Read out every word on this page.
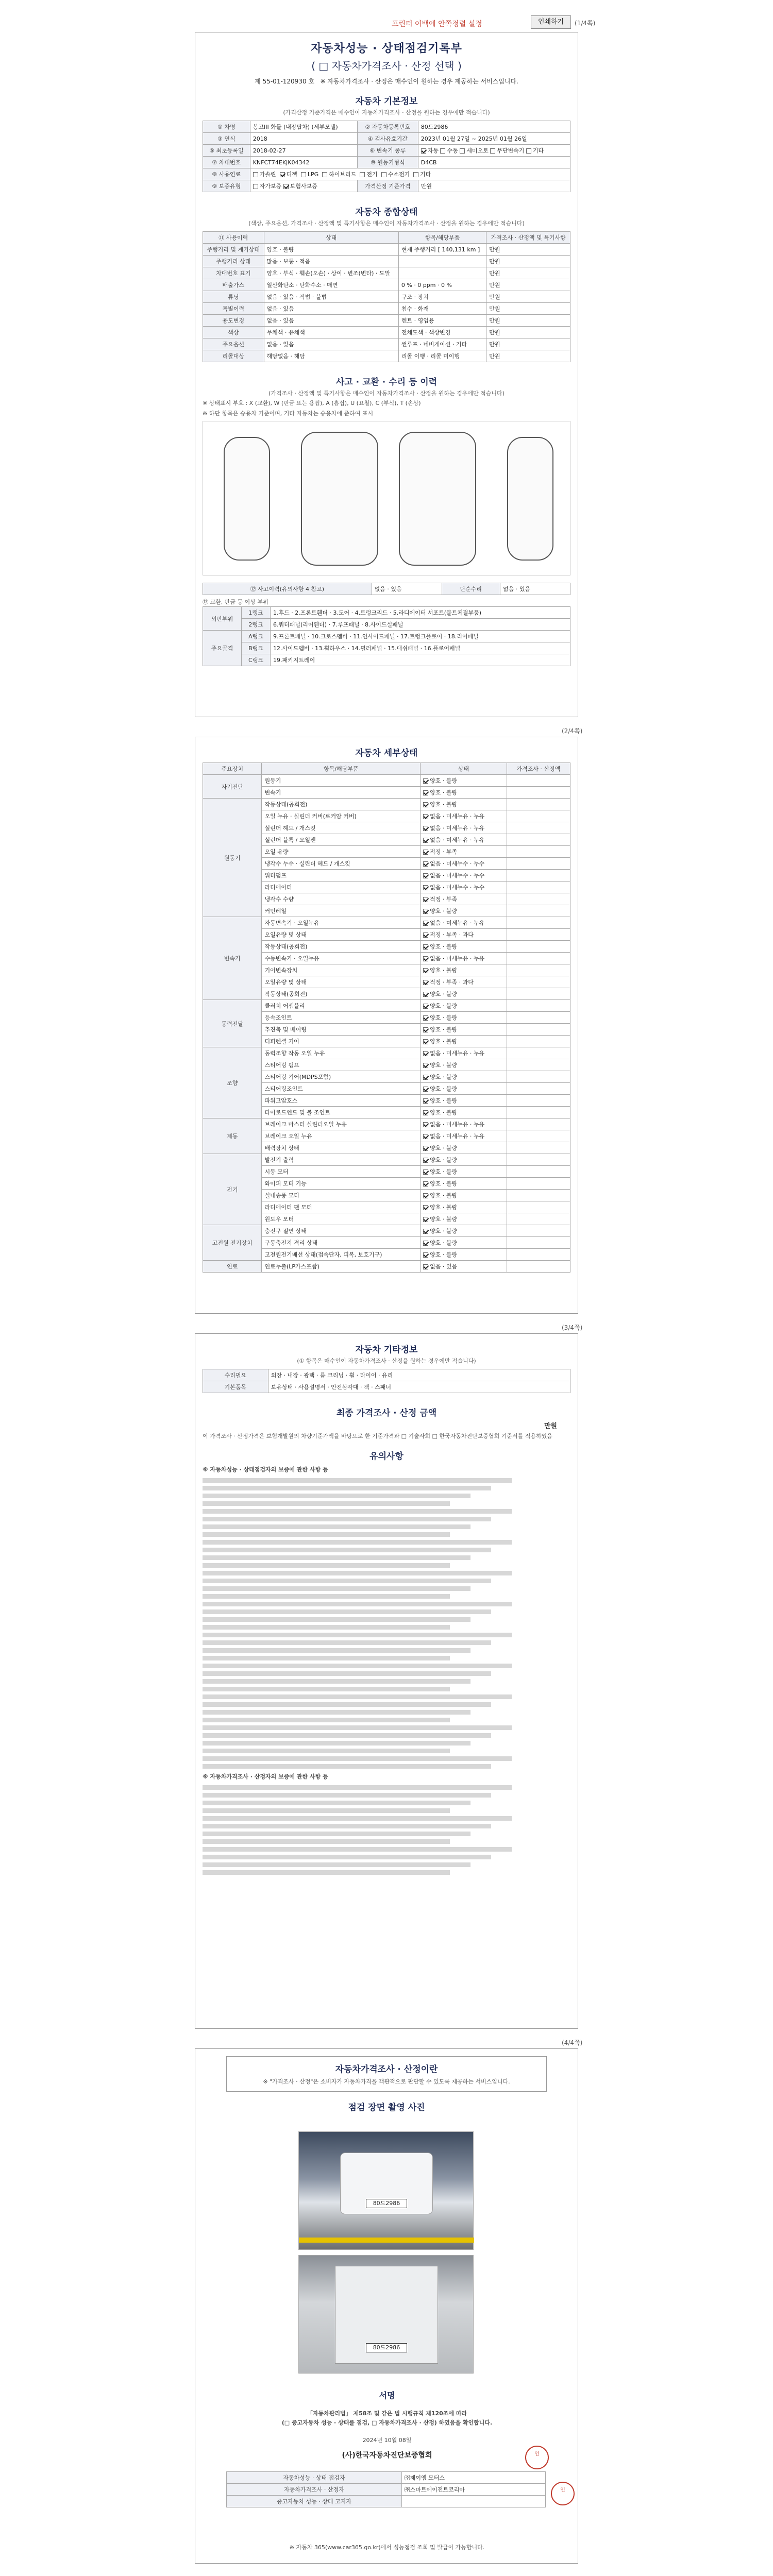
프린터 여백에 안쪽정렬 설정	인쇄하기	(1/4쪽)
자동차성능 · 상태점검기록부
( □ 자동차가격조사 · 산정 선택 )
제 55-01-120930 호 ※ 자동차가격조사 · 산정은 매수인이 원하는 경우 제공하는 서비스입니다.
자동차 기본정보
(가격산정 기준가격은 매수인이 자동차가격조사 · 산정을 원하는 경우에만 적습니다)
① 차명	봉고III 화물 (내장탑차) (세부모델)	② 자동차등록번호	80드2986
③ 연식	2018	④ 검사유효기간	2023년 01월 27일 ~ 2025년 01월 26일
⑤ 최초등록일	2018-02-27	⑥ 변속기 종류	자동 수동 세미오토 무단변속기 기타
⑦ 차대번호	KNFCT74EKJK04342	⑩ 원동기형식	D4CB
⑧ 사용연료	가솔린 디젤 LPG 하이브리드 전기 수소전기 기타		
⑨ 보증유형	자가보증 보험사보증	가격산정 기준가격	만원
자동차 종합상태
(색상, 주요옵션, 가격조사 · 산정액 및 특기사항은 매수인이 자동차가격조사 · 산정을 원하는 경우에만 적습니다)
⑪ 사용이력	상태	항목/해당부품	가격조사 · 산정액 및 특기사항
주행거리 및 계기상태	양호 · 불량	현재 주행거리 [ 140,131 km ]	만원
주행거리 상태	많음 · 보통 · 적음		만원
차대번호 표기	양호 · 부식 · 훼손(오손) · 상이 · 변조(변타) · 도말		만원
배출가스	일산화탄소 · 탄화수소 · 매연	0 % · 0 ppm · 0 %	만원
튜닝	없음 · 있음 · 적법 · 불법	구조 · 장치	만원
특별이력	없음 · 있음	침수 · 화재	만원
용도변경	없음 · 있음	렌트 · 영업용	만원
색상	무채색 · 유채색	전체도색 · 색상변경	만원
주요옵션	없음 · 있음	썬루프 · 네비게이션 · 기타	만원
리콜대상	해당없음 · 해당	리콜 이행 · 리콜 미이행	만원
사고 · 교환 · 수리 등 이력
(가격조사 · 산정액 및 특기사항은 매수인이 자동차가격조사 · 산정을 원하는 경우에만 적습니다)
※ 상태표시 부호 : X (교환), W (판금 또는 용접), A (흠집), U (요철), C (부식), T (손상)
※ 하단 항목은 승용차 기준이며, 기타 자동차는 승용차에 준하여 표시
⑫ 사고이력(유의사항 4 참고)	없음 · 있음	단순수리	없음 · 있음
⑬ 교환, 판금 등 이상 부위
외판부위	1랭크	1.후드 · 2.프론트휀더 · 3.도어 · 4.트렁크리드 · 5.라디에이터 서포트(볼트체결부품)
	2랭크	6.쿼터패널(리어휀더) · 7.루프패널 · 8.사이드실패널
주요골격	A랭크	9.프론트패널 · 10.크로스멤버 · 11.인사이드패널 · 17.트렁크플로어 · 18.리어패널
	B랭크	12.사이드멤버 · 13.휠하우스 · 14.필러패널 · 15.대쉬패널 · 16.플로어패널
	C랭크	19.패키지트레이
(2/4쪽)
자동차 세부상태
주요장치	항목/해당부품	상태	가격조사 · 산정액
자기진단	원동기	양호 · 불량	
	변속기	양호 · 불량	
원동기	작동상태(공회전)	양호 · 불량	
	오일 누유 · 실린더 커버(로커암 커버)	없음 · 미세누유 · 누유	
	실린더 헤드 / 개스킷	없음 · 미세누유 · 누유	
	실린더 블록 / 오일팬	없음 · 미세누유 · 누유	
	오일 유량	적정 · 부족	
	냉각수 누수 · 실린더 헤드 / 개스킷	없음 · 미세누수 · 누수	
	워터펌프	없음 · 미세누수 · 누수	
	라디에이터	없음 · 미세누수 · 누수	
	냉각수 수량	적정 · 부족	
	커먼레일	양호 · 불량	
변속기	자동변속기 · 오일누유	없음 · 미세누유 · 누유	
	오일유량 및 상태	적정 · 부족 · 과다	
	작동상태(공회전)	양호 · 불량	
	수동변속기 · 오일누유	없음 · 미세누유 · 누유	
	기어변속장치	양호 · 불량	
	오일유량 및 상태	적정 · 부족 · 과다	
	작동상태(공회전)	양호 · 불량	
동력전달	클러치 어셈블리	양호 · 불량	
	등속조인트	양호 · 불량	
	추진축 및 베어링	양호 · 불량	
	디퍼렌셜 기어	양호 · 불량	
조향	동력조향 작동 오일 누유	없음 · 미세누유 · 누유	
	스티어링 펌프	양호 · 불량	
	스티어링 기어(MDPS포함)	양호 · 불량	
	스티어링조인트	양호 · 불량	
	파워고압호스	양호 · 불량	
	타이로드엔드 및 볼 조인트	양호 · 불량	
제동	브레이크 마스터 실린더오일 누유	없음 · 미세누유 · 누유	
	브레이크 오일 누유	없음 · 미세누유 · 누유	
	배력장치 상태	양호 · 불량	
전기	발전기 출력	양호 · 불량	
	시동 모터	양호 · 불량	
	와이퍼 모터 기능	양호 · 불량	
	실내송풍 모터	양호 · 불량	
	라디에이터 팬 모터	양호 · 불량	
	윈도우 모터	양호 · 불량	
고전원 전기장치	충전구 절연 상태	양호 · 불량	
	구동축전지 격리 상태	양호 · 불량	
	고전원전기배선 상태(접속단자, 피복, 보호기구)	양호 · 불량	
연료	연료누출(LP가스포함)	없음 · 있음	
(3/4쪽)
자동차 기타정보
(① 항목은 매수인이 자동차가격조사 · 산정을 원하는 경우에만 적습니다)
수리필요	외장 · 내장 · 광택 · 룸 크리닝 · 휠 · 타이어 · 유리
기본품목	보유상태 · 사용설명서 · 안전삼각대 · 잭 · 스패너
최종 가격조사 · 산정 금액
만원
이 가격조사 · 산정가격은 보험개발원의 차량기준가액을 바탕으로 한 기준가격과 □ 기술사회 □ 한국자동차진단보증협회 기준서를 적용하였음
유의사항
※ 자동차성능 · 상태점검자의 보증에 관한 사항 등
※ 자동차가격조사 · 산정자의 보증에 관한 사항 등
(4/4쪽)
자동차가격조사 · 산정이란
※ "가격조사 · 산정"은 소비자가 자동차가격을 객관적으로 판단할 수 있도록 제공하는 서비스입니다.
점검 장면 촬영 사진
80드2986
80드2986
서명
「자동차관리법」 제58조 및 같은 법 시행규칙 제120조에 따라
(□ 중고자동차 성능 · 상태를 점검, □ 자동차가격조사 · 산정) 하였음을 확인합니다.
2024년 10월 08일
(사)한국자동차진단보증협회
자동차성능 · 상태 점검자	㈜제이엠 모터스
자동차가격조사 · 산정자	㈜스마트에이전트코리아
중고자동차 성능 · 상태 고지자	
인
인
※ 자동차 365(www.car365.go.kr)에서 성능점검 조회 및 발급이 가능합니다.
